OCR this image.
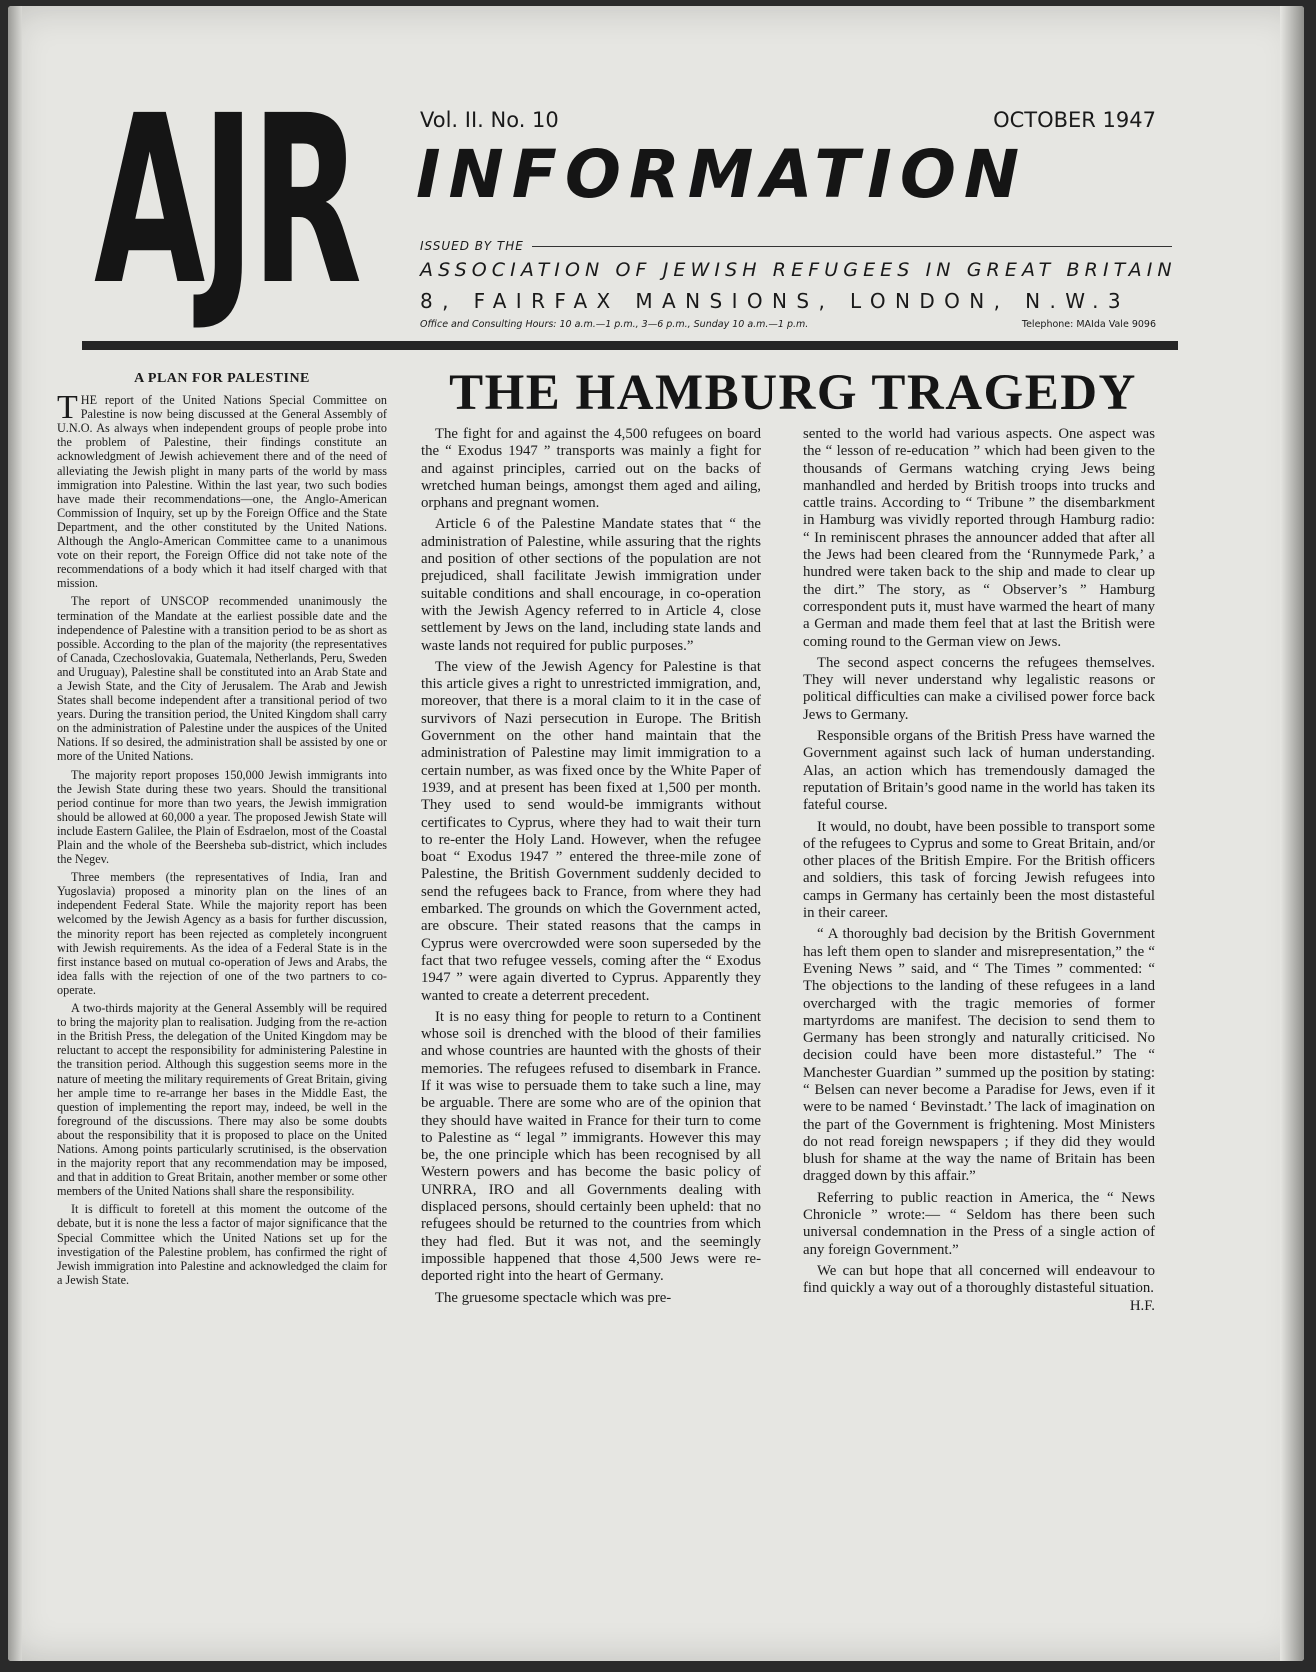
AJR	Vol. II. No. 10	OCTOBER 1947
INFORMATION
ISSUED BY THE
ASSOCIATION OF JEWISH REFUGEES IN GREAT BRITAIN
8, FAIRFAX MANSIONS, LONDON, N.W.3
Office and Consulting Hours: 10 a.m.—1 p.m., 3—6 p.m., Sunday 10 a.m.—1 p.m.	Telephone: MAIda Vale 9096
A PLAN FOR PALESTINE

THE report of the United Nations Special Committee on Palestine is now being discussed at the General Assembly of U.N.O. As always when independent groups of people probe into the problem of Palestine, their findings constitute an acknowledgment of Jewish achievement there and of the need of alleviating the Jewish plight in many parts of the world by mass immigration into Palestine. Within the last year, two such bodies have made their recommendations—one, the Anglo-American Commission of Inquiry, set up by the Foreign Office and the State Department, and the other constituted by the United Nations. Although the Anglo-American Committee came to a unanimous vote on their report, the Foreign Office did not take note of the recommendations of a body which it had itself charged with that mission.

The report of UNSCOP recommended unanimously the termination of the Mandate at the earliest possible date and the independence of Palestine with a transition period to be as short as possible. According to the plan of the majority (the representatives of Canada, Czechoslovakia, Guatemala, Netherlands, Peru, Sweden and Uruguay), Palestine shall be constituted into an Arab State and a Jewish State, and the City of Jerusalem. The Arab and Jewish States shall become independent after a transitional period of two years. During the transition period, the United Kingdom shall carry on the administration of Palestine under the auspices of the United Nations. If so desired, the administration shall be assisted by one or more of the United Nations.

The majority report proposes 150,000 Jewish immigrants into the Jewish State during these two years. Should the transitional period continue for more than two years, the Jewish immigration should be allowed at 60,000 a year. The proposed Jewish State will include Eastern Galilee, the Plain of Esdraelon, most of the Coastal Plain and the whole of the Beersheba sub-district, which includes the Negev.

Three members (the representatives of India, Iran and Yugoslavia) proposed a minority plan on the lines of an independent Federal State. While the majority report has been welcomed by the Jewish Agency as a basis for further discussion, the minority report has been rejected as completely incongruent with Jewish requirements. As the idea of a Federal State is in the first instance based on mutual co-operation of Jews and Arabs, the idea falls with the rejection of one of the two partners to co-operate.

A two-thirds majority at the General Assembly will be required to bring the majority plan to realisation. Judging from the re-action in the British Press, the delegation of the United Kingdom may be reluctant to accept the responsibility for administering Palestine in the transition period. Although this suggestion seems more in the nature of meeting the military requirements of Great Britain, giving her ample time to re-arrange her bases in the Middle East, the question of implementing the report may, indeed, be well in the foreground of the discussions. There may also be some doubts about the responsibility that it is proposed to place on the United Nations. Among points particularly scrutinised, is the observation in the majority report that any recommendation may be imposed, and that in addition to Great Britain, another member or some other members of the United Nations shall share the responsibility.

It is difficult to foretell at this moment the outcome of the debate, but it is none the less a factor of major significance that the Special Committee which the United Nations set up for the investigation of the Palestine problem, has confirmed the right of Jewish immigration into Palestine and acknowledged the claim for a Jewish State.

THE HAMBURG TRAGEDY

The fight for and against the 4,500 refugees on board the “ Exodus 1947 ” transports was mainly a fight for and against principles, carried out on the backs of wretched human beings, amongst them aged and ailing, orphans and pregnant women.

Article 6 of the Palestine Mandate states that “ the administration of Palestine, while assuring that the rights and position of other sections of the population are not prejudiced, shall facilitate Jewish immigration under suitable conditions and shall encourage, in co-operation with the Jewish Agency referred to in Article 4, close settlement by Jews on the land, including state lands and waste lands not required for public purposes.”

The view of the Jewish Agency for Palestine is that this article gives a right to unrestricted immigration, and, moreover, that there is a moral claim to it in the case of survivors of Nazi persecution in Europe. The British Government on the other hand maintain that the administration of Palestine may limit immigration to a certain number, as was fixed once by the White Paper of 1939, and at present has been fixed at 1,500 per month. They used to send would-be immigrants without certificates to Cyprus, where they had to wait their turn to re-enter the Holy Land. However, when the refugee boat “ Exodus 1947 ” entered the three-mile zone of Palestine, the British Government suddenly decided to send the refugees back to France, from where they had embarked. The grounds on which the Government acted, are obscure. Their stated reasons that the camps in Cyprus were overcrowded were soon superseded by the fact that two refugee vessels, coming after the “ Exodus 1947 ” were again diverted to Cyprus. Apparently they wanted to create a deterrent precedent.

It is no easy thing for people to return to a Continent whose soil is drenched with the blood of their families and whose countries are haunted with the ghosts of their memories. The refugees refused to disembark in France. If it was wise to persuade them to take such a line, may be arguable. There are some who are of the opinion that they should have waited in France for their turn to come to Palestine as “ legal ” immigrants. However this may be, the one principle which has been recognised by all Western powers and has become the basic policy of UNRRA, IRO and all Governments dealing with displaced persons, should certainly been upheld: that no refugees should be returned to the countries from which they had fled. But it was not, and the seemingly impossible happened that those 4,500 Jews were re-deported right into the heart of Germany.

The gruesome spectacle which was pre-

sented to the world had various aspects. One aspect was the “ lesson of re-education ” which had been given to the thousands of Germans watching crying Jews being manhandled and herded by British troops into trucks and cattle trains. According to “ Tribune ” the disembarkment in Hamburg was vividly reported through Hamburg radio: “ In reminiscent phrases the announcer added that after all the Jews had been cleared from the ‘Runnymede Park,’ a hundred were taken back to the ship and made to clear up the dirt.” The story, as “ Observer’s ” Hamburg correspondent puts it, must have warmed the heart of many a German and made them feel that at last the British were coming round to the German view on Jews.

The second aspect concerns the refugees themselves. They will never understand why legalistic reasons or political difficulties can make a civilised power force back Jews to Germany.

Responsible organs of the British Press have warned the Government against such lack of human understanding. Alas, an action which has tremendously damaged the reputation of Britain’s good name in the world has taken its fateful course.

It would, no doubt, have been possible to transport some of the refugees to Cyprus and some to Great Britain, and/or other places of the British Empire. For the British officers and soldiers, this task of forcing Jewish refugees into camps in Germany has certainly been the most distasteful in their career.

“ A thoroughly bad decision by the British Government has left them open to slander and misrepresentation,” the “ Evening News ” said, and “ The Times ” commented: “ The objections to the landing of these refugees in a land overcharged with the tragic memories of former martyrdoms are manifest. The decision to send them to Germany has been strongly and naturally criticised. No decision could have been more distasteful.” The “ Manchester Guardian ” summed up the position by stating: “ Belsen can never become a Paradise for Jews, even if it were to be named ‘ Bevinstadt.’ The lack of imagination on the part of the Government is frightening. Most Ministers do not read foreign newspapers ; if they did they would blush for shame at the way the name of Britain has been dragged down by this affair.”

Referring to public reaction in America, the “ News Chronicle ” wrote:— “ Seldom has there been such universal condemnation in the Press of a single action of any foreign Government.”

We can but hope that all concerned will endeavour to find quickly a way out of a thoroughly distasteful situation.
H.F.
